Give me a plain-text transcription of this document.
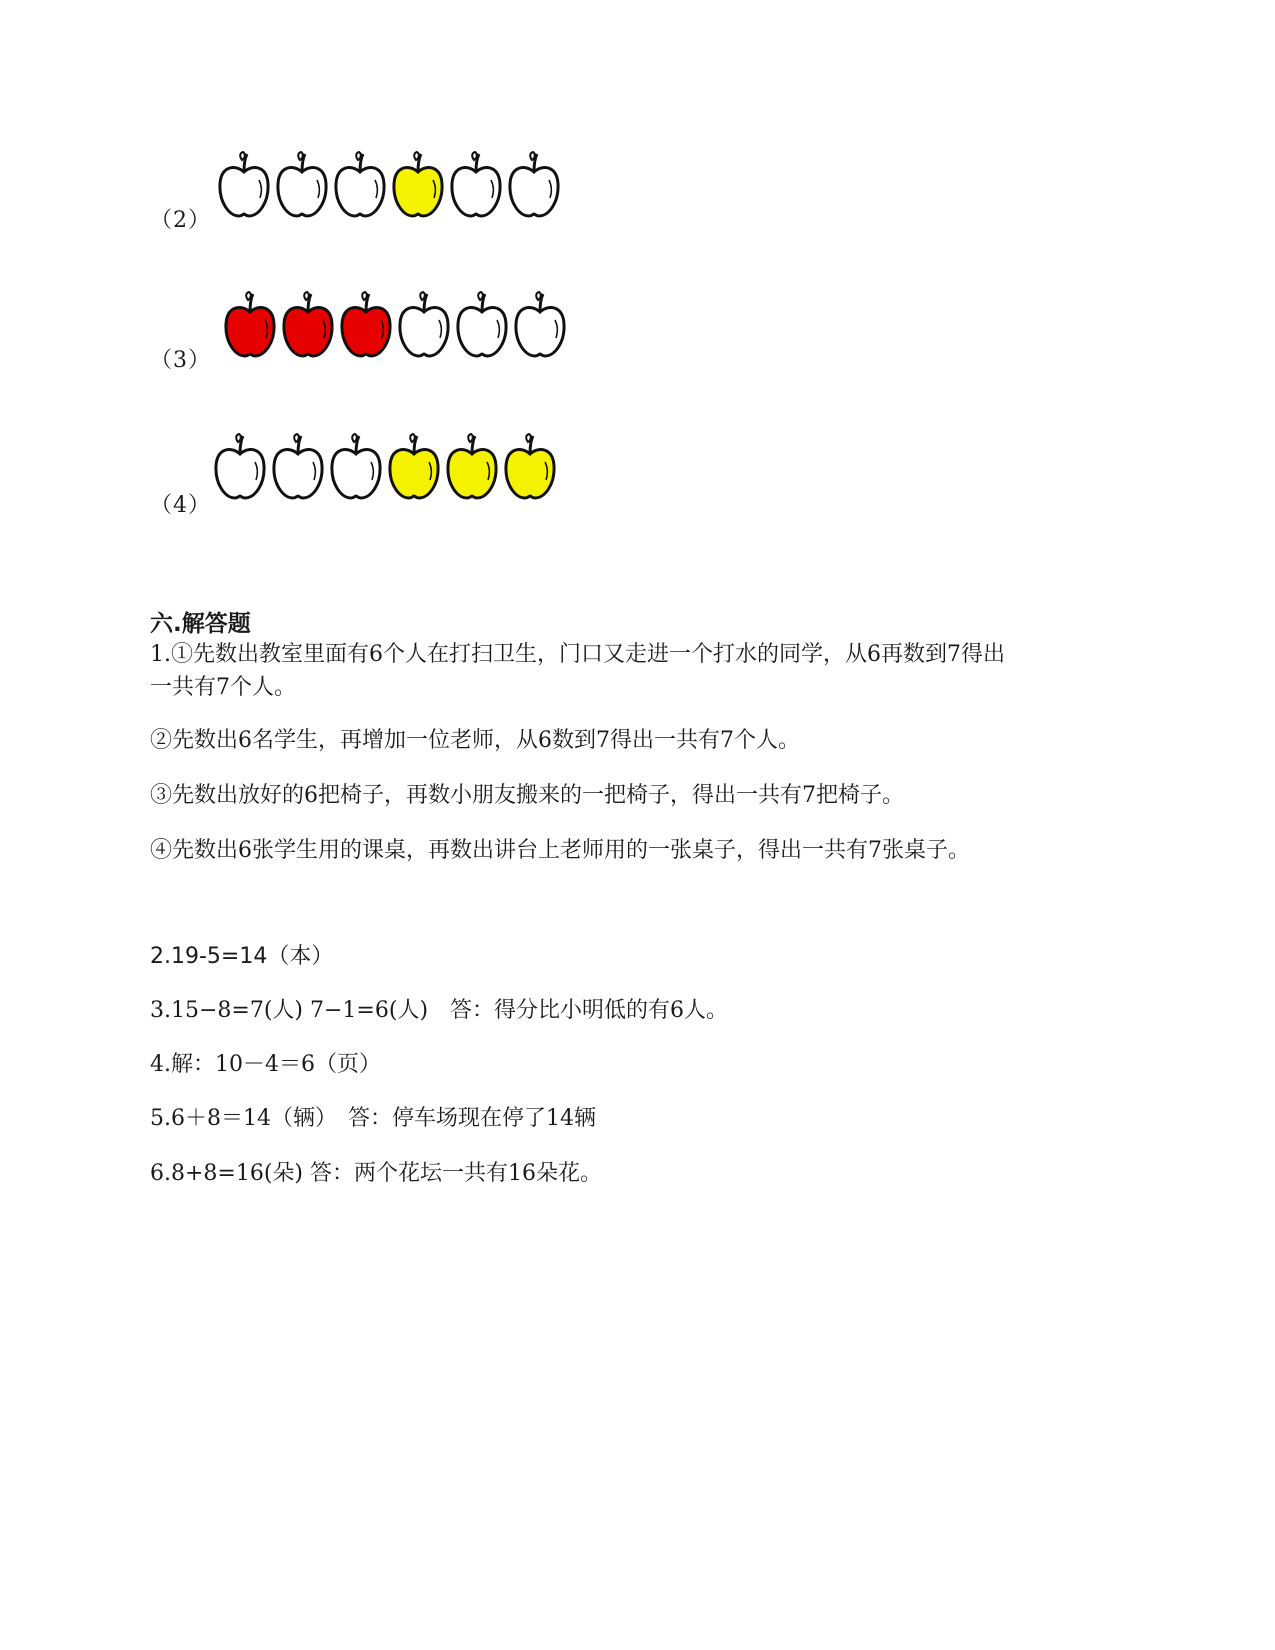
（2）
（3）
（4）
六.解答题
1.①先数出教室里面有6个人在打扫卫生，门口又走进一个打水的同学，从6再数到7得出
一共有7个人。
②先数出6名学生，再增加一位老师，从6数到7得出一共有7个人。
③先数出放好的6把椅子，再数小朋友搬来的一把椅子，得出一共有7把椅子。
④先数出6张学生用的课桌，再数出讲台上老师用的一张桌子，得出一共有7张桌子。
2.19-5=14（本）
3.15−8=7(人) 7−1=6(人)　答：得分比小明低的有6人。
4.解：10－4＝6（页）
5.6＋8＝14（辆）　答：停车场现在停了14辆
6.8+8=16(朵) 答：两个花坛一共有16朵花。
